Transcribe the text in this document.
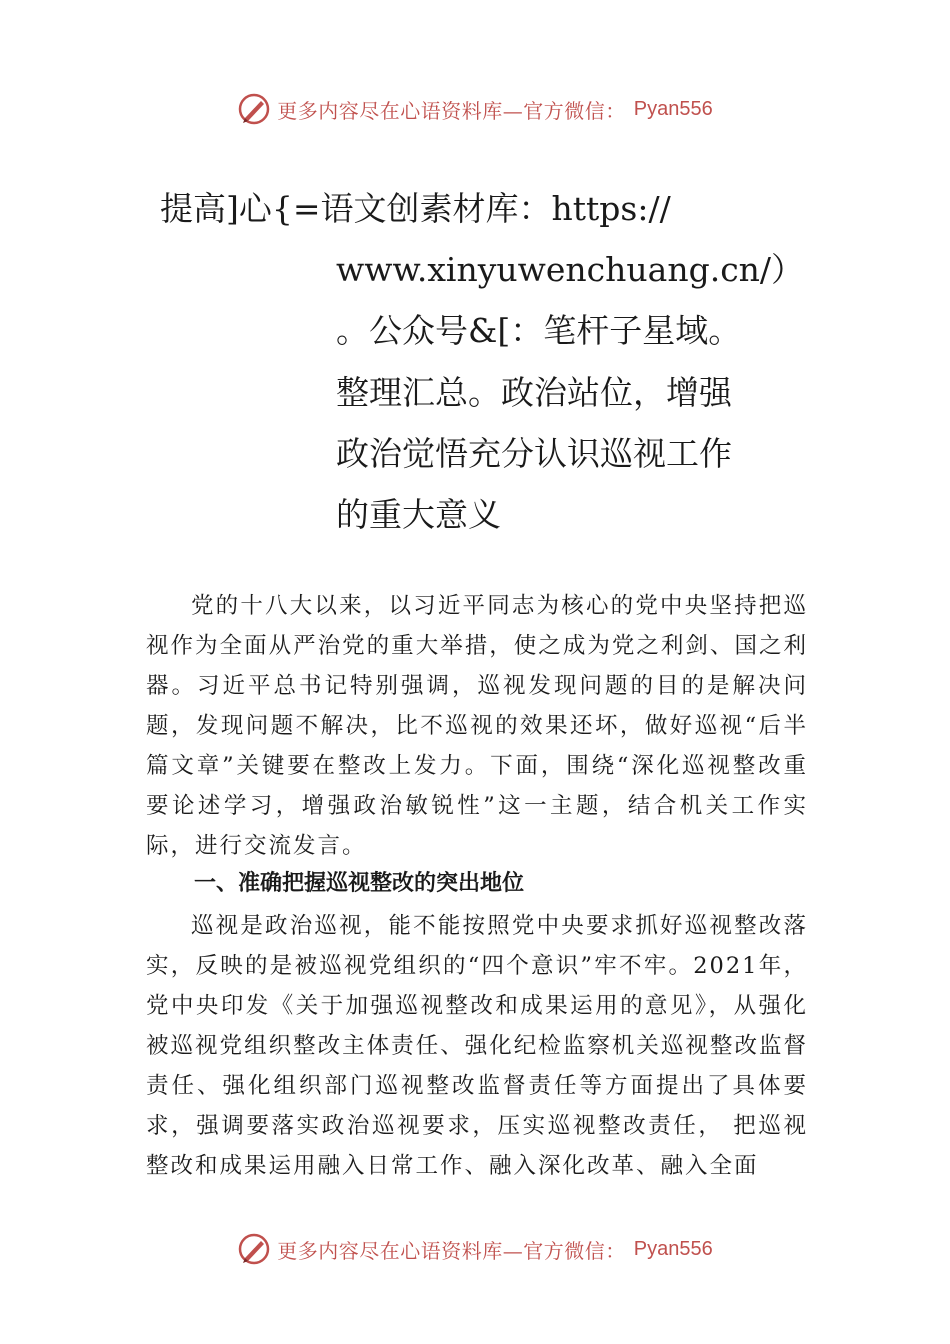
更多内容尽在心语资料库—官方微信： Pyan556
提高]心{=语文创素材库：https://
www.xinyuwenchuang.cn/）
。公众号&[：笔杆子星域。
整理汇总。政治站位，增强
政治觉悟充分认识巡视工作
的重大意义

党的十八大以来，以习近平同志为核心的党中央坚持把巡视作为全面从严治党的重大举措，使之成为党之利剑、国之利器。习近平总书记特别强调，巡视发现问题的目的是解决问题，发现问题不解决，比不巡视的效果还坏，做好巡视“后半篇文章”关键要在整改上发力。下面，围绕“深化巡视整改重要论述学习，增强政治敏锐性”这一主题，结合机关工作实际，进行交流发言。

一、准确把握巡视整改的突出地位

巡视是政治巡视，能不能按照党中央要求抓好巡视整改落实，反映的是被巡视党组织的“四个意识”牢不牢。2021年，党中央印发《关于加强巡视整改和成果运用的意见》，从强化被巡视党组织整改主体责任、强化纪检监察机关巡视整改监督责任、强化组织部门巡视整改监督责任等方面提出了具体要求，强调要落实政治巡视要求，压实巡视整改责任， 把巡视整改和成果运用融入日常工作、融入深化改革、融入全面

更多内容尽在心语资料库—官方微信： Pyan556
